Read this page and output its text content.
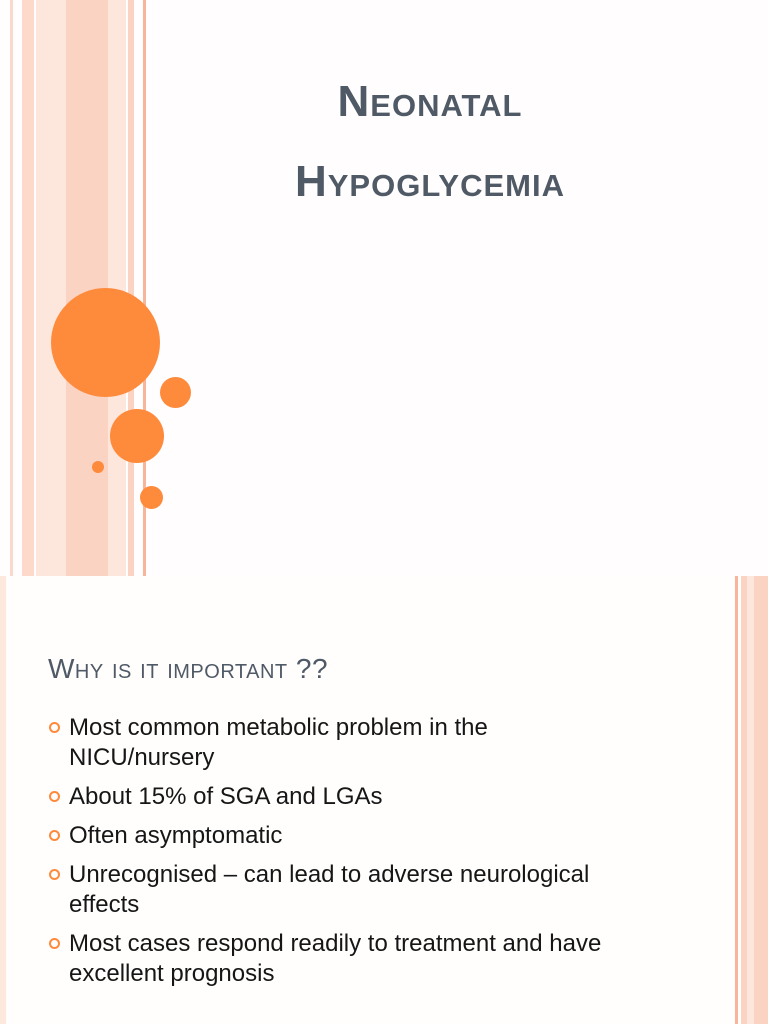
Neonatal
Hypoglycemia
Why is it important ??
Most common metabolic problem in the
NICU/nursery
About 15% of SGA and LGAs
Often asymptomatic
Unrecognised – can lead to adverse neurological
effects
Most cases respond readily to treatment and have
excellent prognosis
